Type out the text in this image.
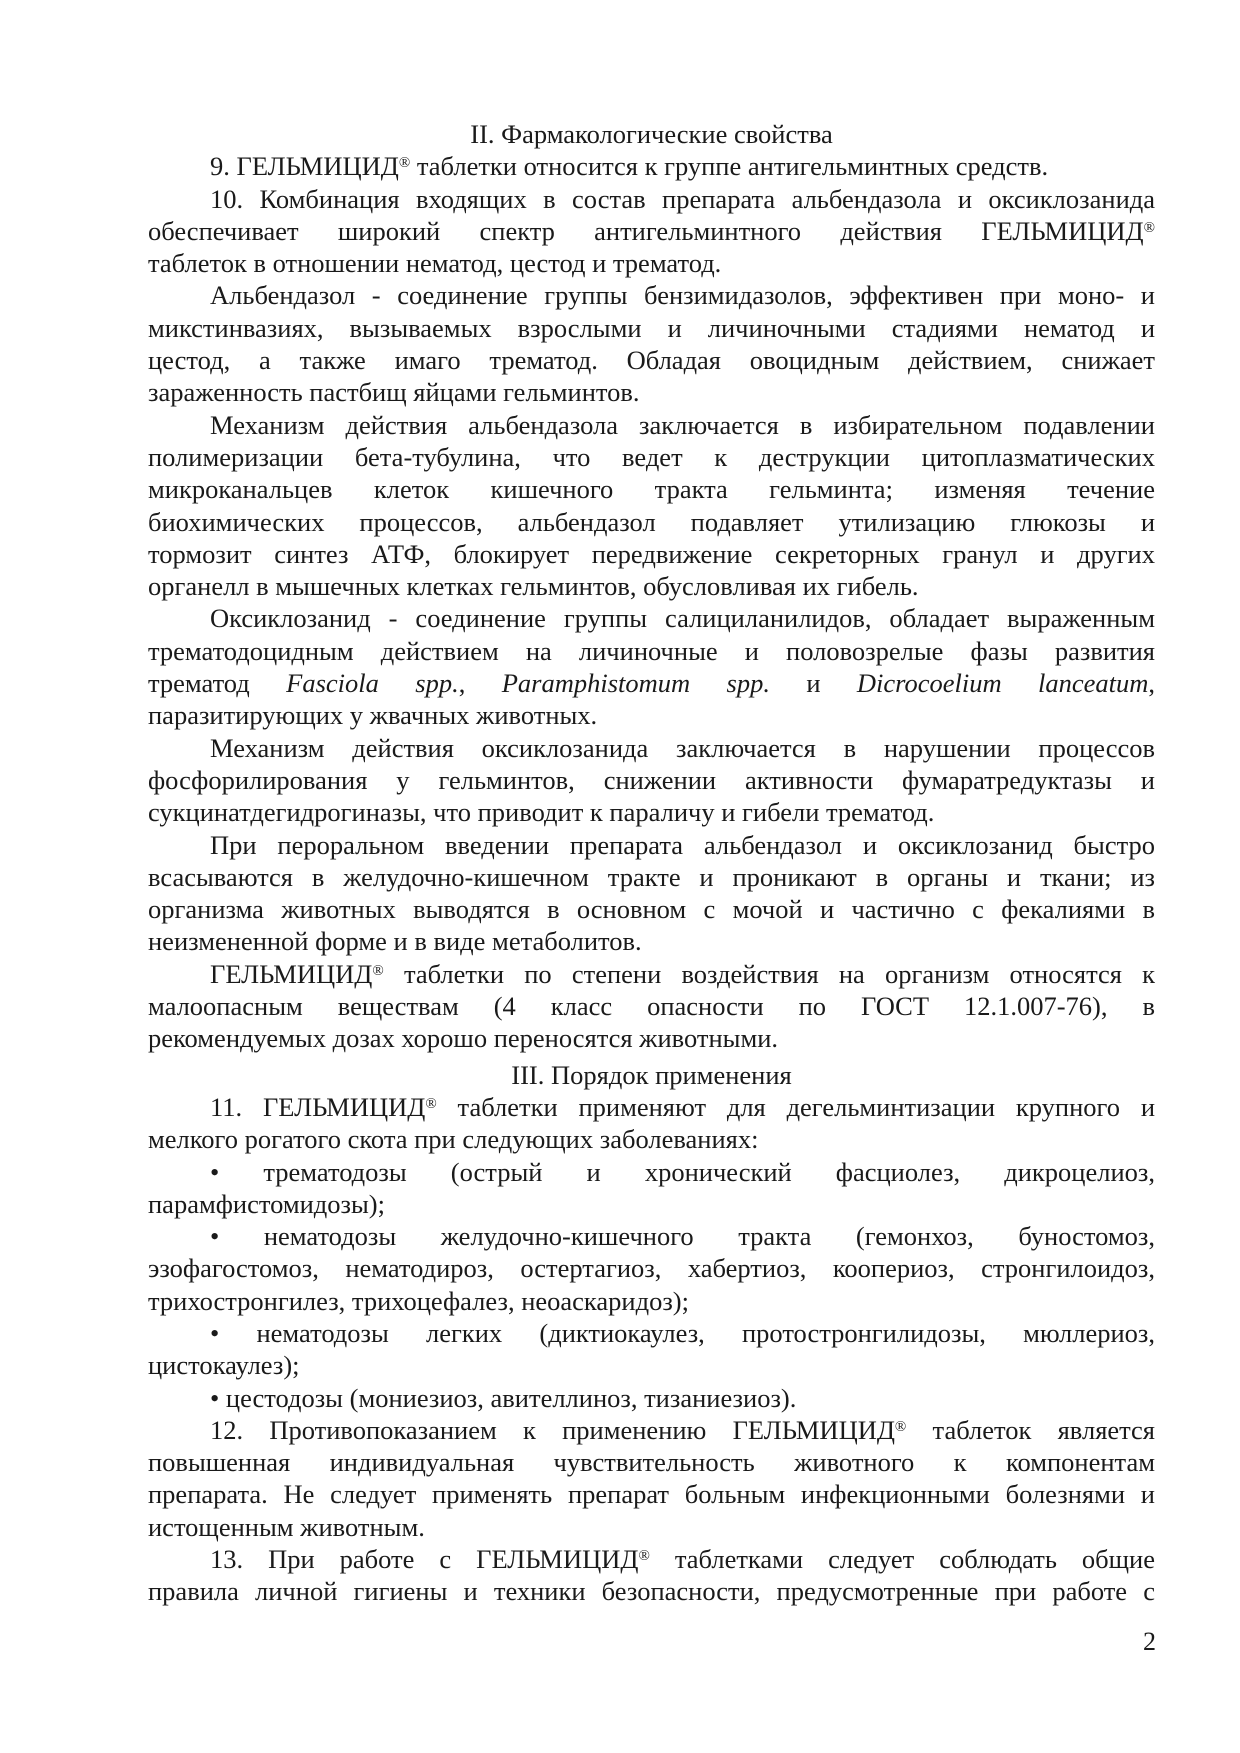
II. Фармакологические свойства
9. ГЕЛЬМИЦИД® таблетки относится к группе антигельминтных средств.
10. Комбинация входящих в состав препарата альбендазола и оксиклозанида
обеспечивает широкий спектр антигельминтного действия ГЕЛЬМИЦИД®
таблеток в отношении нематод, цестод и трематод.
Альбендазол - соединение группы бензимидазолов, эффективен при моно- и
микстинвазиях, вызываемых взрослыми и личиночными стадиями нематод и
цестод, а также имаго трематод. Обладая овоцидным действием, снижает
зараженность пастбищ яйцами гельминтов.
Механизм действия альбендазола заключается в избирательном подавлении
полимеризации бета-тубулина, что ведет к деструкции цитоплазматических
микроканальцев клеток кишечного тракта гельминта; изменяя течение
биохимических процессов, альбендазол подавляет утилизацию глюкозы и
тормозит синтез АТФ, блокирует передвижение секреторных гранул и других
органелл в мышечных клетках гельминтов, обусловливая их гибель.
Оксиклозанид - соединение группы салициланилидов, обладает выраженным
трематодоцидным действием на личиночные и половозрелые фазы развития
трематод Fasciola spp., Paramphistomum spp. и Dicrocoelium lanceatum,
паразитирующих у жвачных животных.
Механизм действия оксиклозанида заключается в нарушении процессов
фосфорилирования у гельминтов, снижении активности фумаратредуктазы и
сукцинатдегидрогиназы, что приводит к параличу и гибели трематод.
При пероральном введении препарата альбендазол и оксиклозанид быстро
всасываются в желудочно-кишечном тракте и проникают в органы и ткани; из
организма животных выводятся в основном с мочой и частично с фекалиями в
неизмененной форме и в виде метаболитов.
ГЕЛЬМИЦИД® таблетки по степени воздействия на организм относятся к
малоопасным веществам (4 класс опасности по ГОСТ 12.1.007-76), в
рекомендуемых дозах хорошо переносятся животными.
III. Порядок применения
11. ГЕЛЬМИЦИД® таблетки применяют для дегельминтизации крупного и
мелкого рогатого скота при следующих заболеваниях:
• трематодозы (острый и хронический фасциолез, дикроцелиоз,
парамфистомидозы);
• нематодозы желудочно-кишечного тракта (гемонхоз, буностомоз,
эзофагостомоз, нематодироз, остертагиоз, хабертиоз, коопериоз, стронгилоидоз,
трихостронгилез, трихоцефалез, неоаскаридоз);
• нематодозы легких (диктиокаулез, протостронгилидозы, мюллериоз,
цистокаулез);
• цестодозы (мониезиоз, авителлиноз, тизаниезиоз).
12. Противопоказанием к применению ГЕЛЬМИЦИД® таблеток является
повышенная индивидуальная чувствительность животного к компонентам
препарата. Не следует применять препарат больным инфекционными болезнями и
истощенным животным.
13. При работе с ГЕЛЬМИЦИД® таблетками следует соблюдать общие
правила личной гигиены и техники безопасности, предусмотренные при работе с
2
